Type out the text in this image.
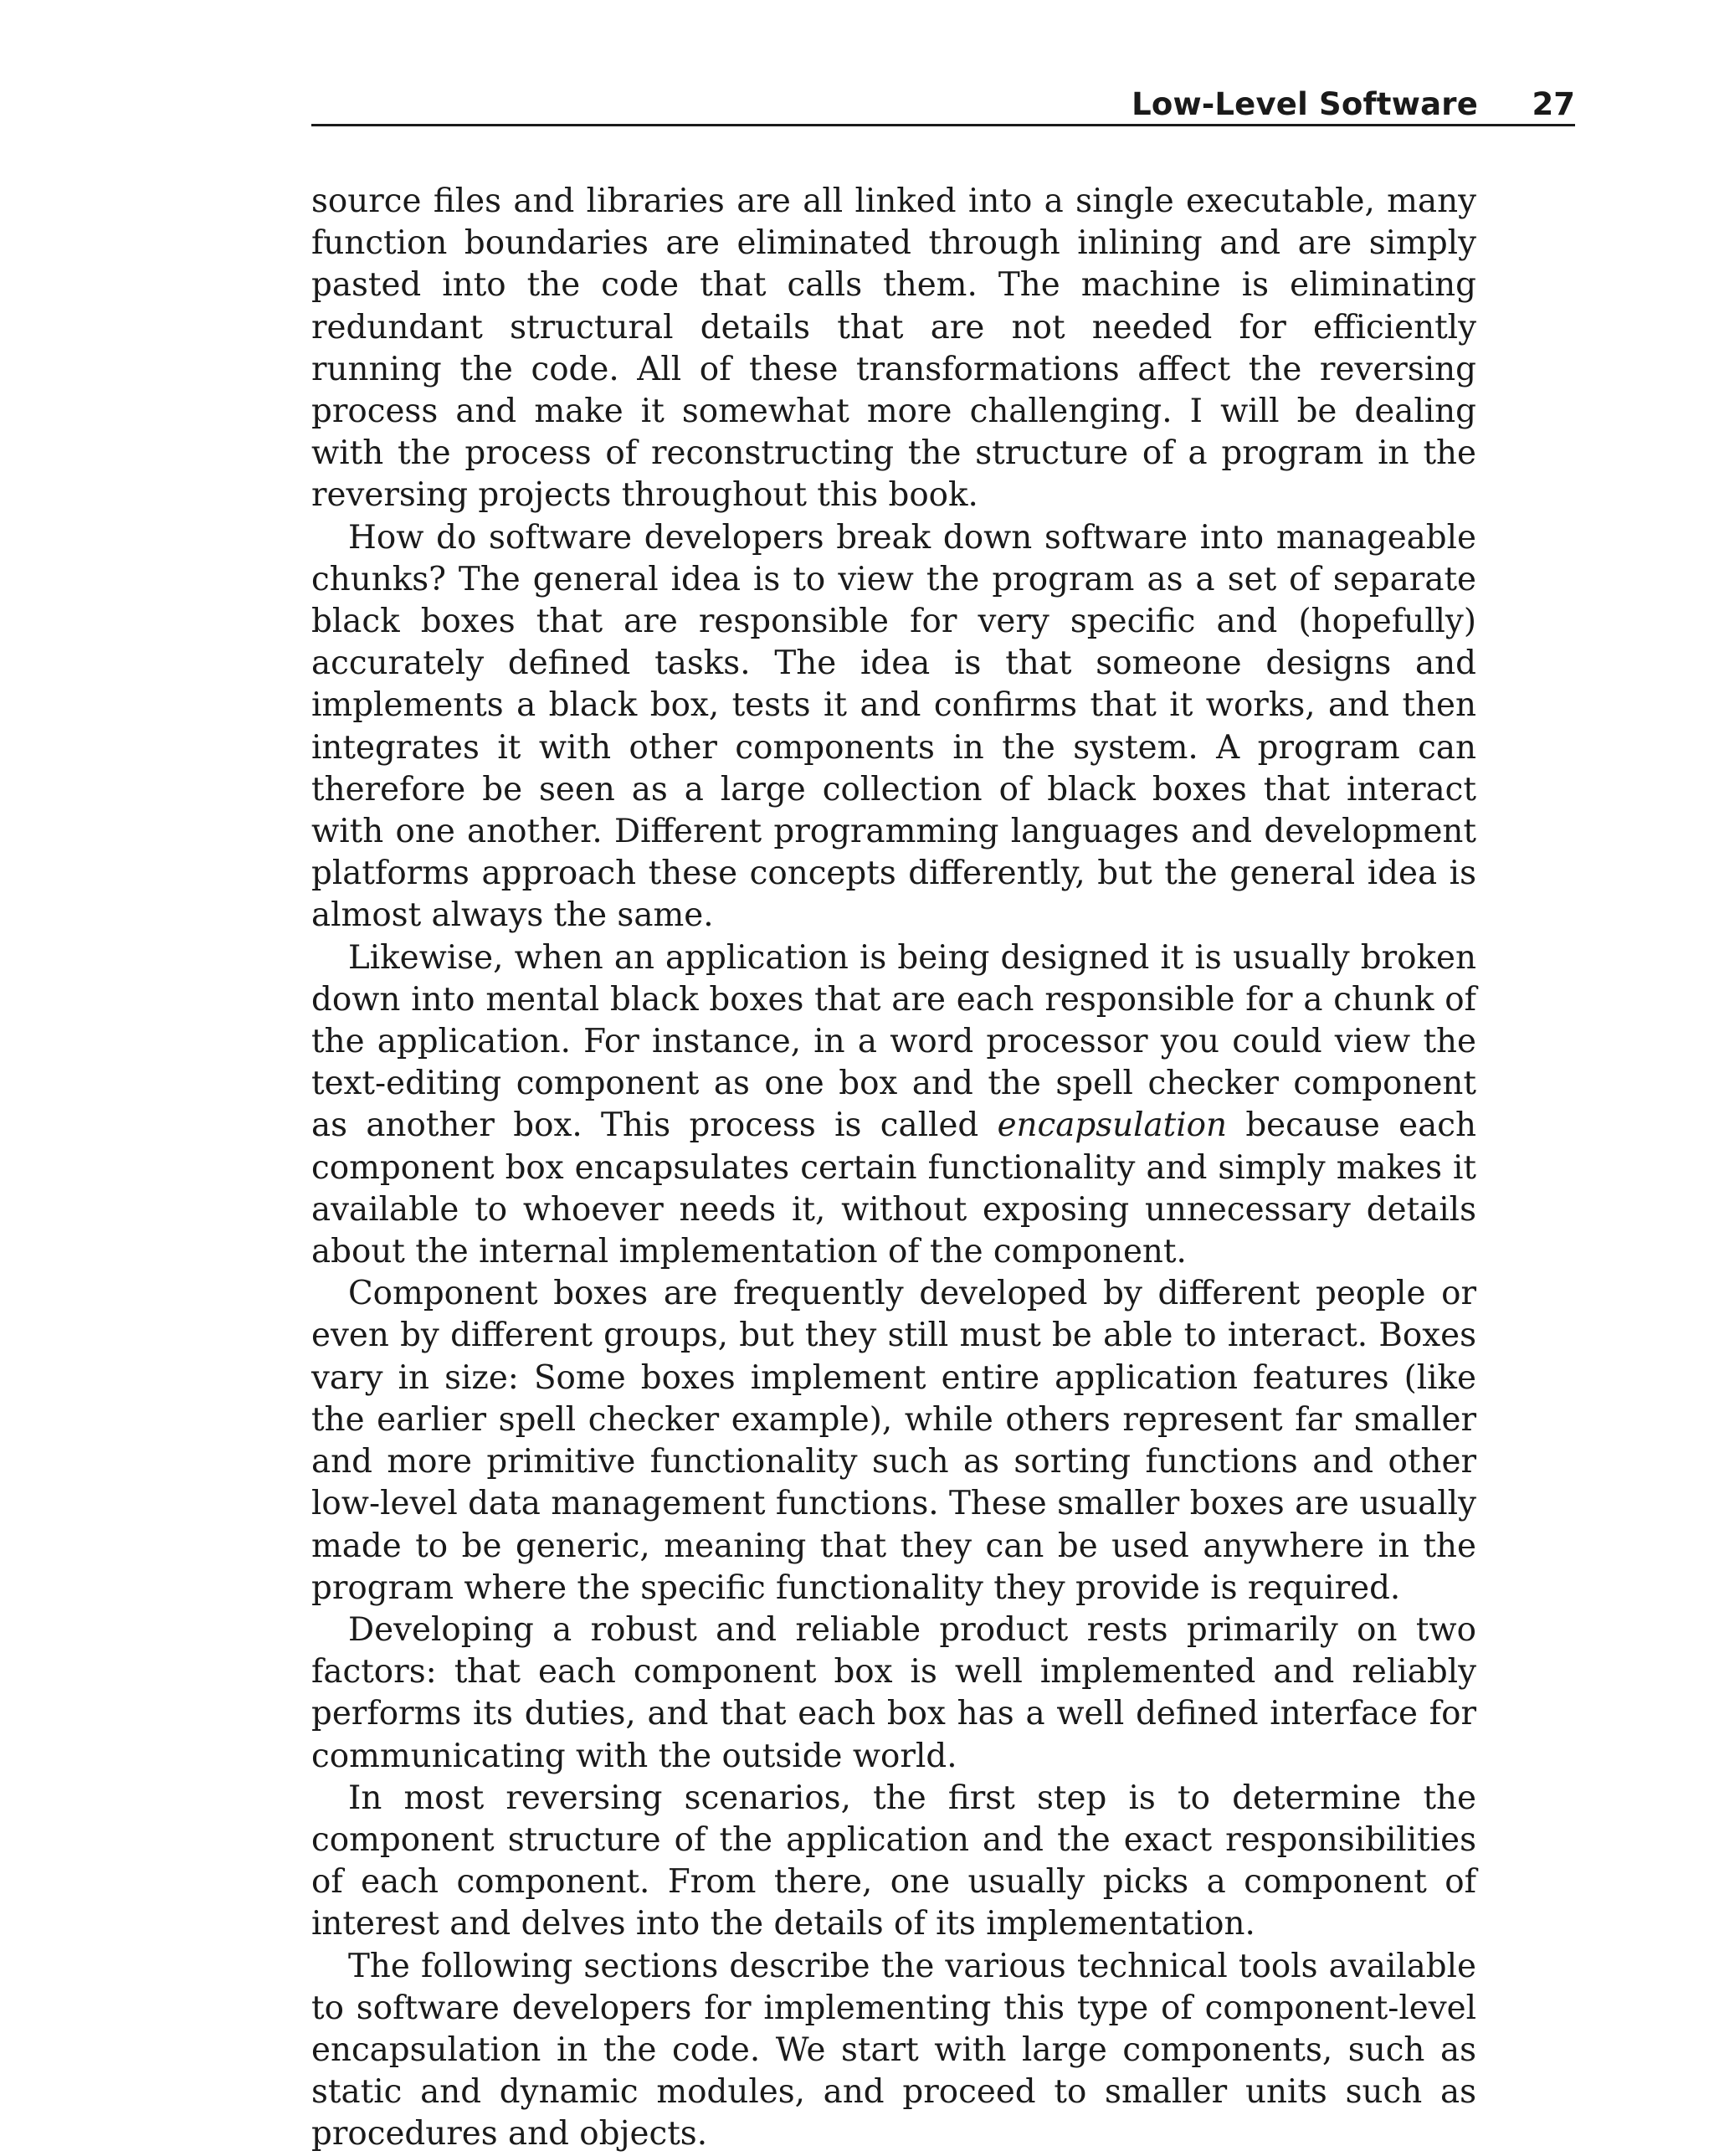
Low-Level Software 27

source files and libraries are all linked into a single executable, many function boundaries are eliminated through inlining and are simply pasted into the code that calls them. The machine is eliminating redundant structural details that are not needed for efficiently running the code. All of these transformations affect the reversing process and make it somewhat more challenging. I will be dealing with the process of reconstructing the structure of a program in the reversing projects throughout this book.

How do software developers break down software into manageable chunks? The general idea is to view the program as a set of separate black boxes that are responsible for very specific and (hopefully) accurately defined tasks. The idea is that someone designs and implements a black box, tests it and confirms that it works, and then integrates it with other components in the system. A program can therefore be seen as a large collection of black boxes that interact with one another. Different programming languages and development platforms approach these concepts differently, but the general idea is almost always the same.

Likewise, when an application is being designed it is usually broken down into mental black boxes that are each responsible for a chunk of the application. For instance, in a word processor you could view the text-editing component as one box and the spell checker component as another box. This process is called encapsulation because each component box encapsulates certain functionality and simply makes it available to whoever needs it, without exposing unnecessary details about the internal implementation of the component.

Component boxes are frequently developed by different people or even by different groups, but they still must be able to interact. Boxes vary in size: Some boxes implement entire application features (like the earlier spell checker example), while others represent far smaller and more primitive functionality such as sorting functions and other low-level data management functions. These smaller boxes are usually made to be generic, meaning that they can be used anywhere in the program where the specific functionality they provide is required.

Developing a robust and reliable product rests primarily on two factors: that each component box is well implemented and reliably performs its duties, and that each box has a well defined interface for communicating with the outside world.

In most reversing scenarios, the first step is to determine the component structure of the application and the exact responsibilities of each component. From there, one usually picks a component of interest and delves into the details of its implementation.

The following sections describe the various technical tools available to software developers for implementing this type of component-level encapsulation in the code. We start with large components, such as static and dynamic modules, and proceed to smaller units such as procedures and objects.
